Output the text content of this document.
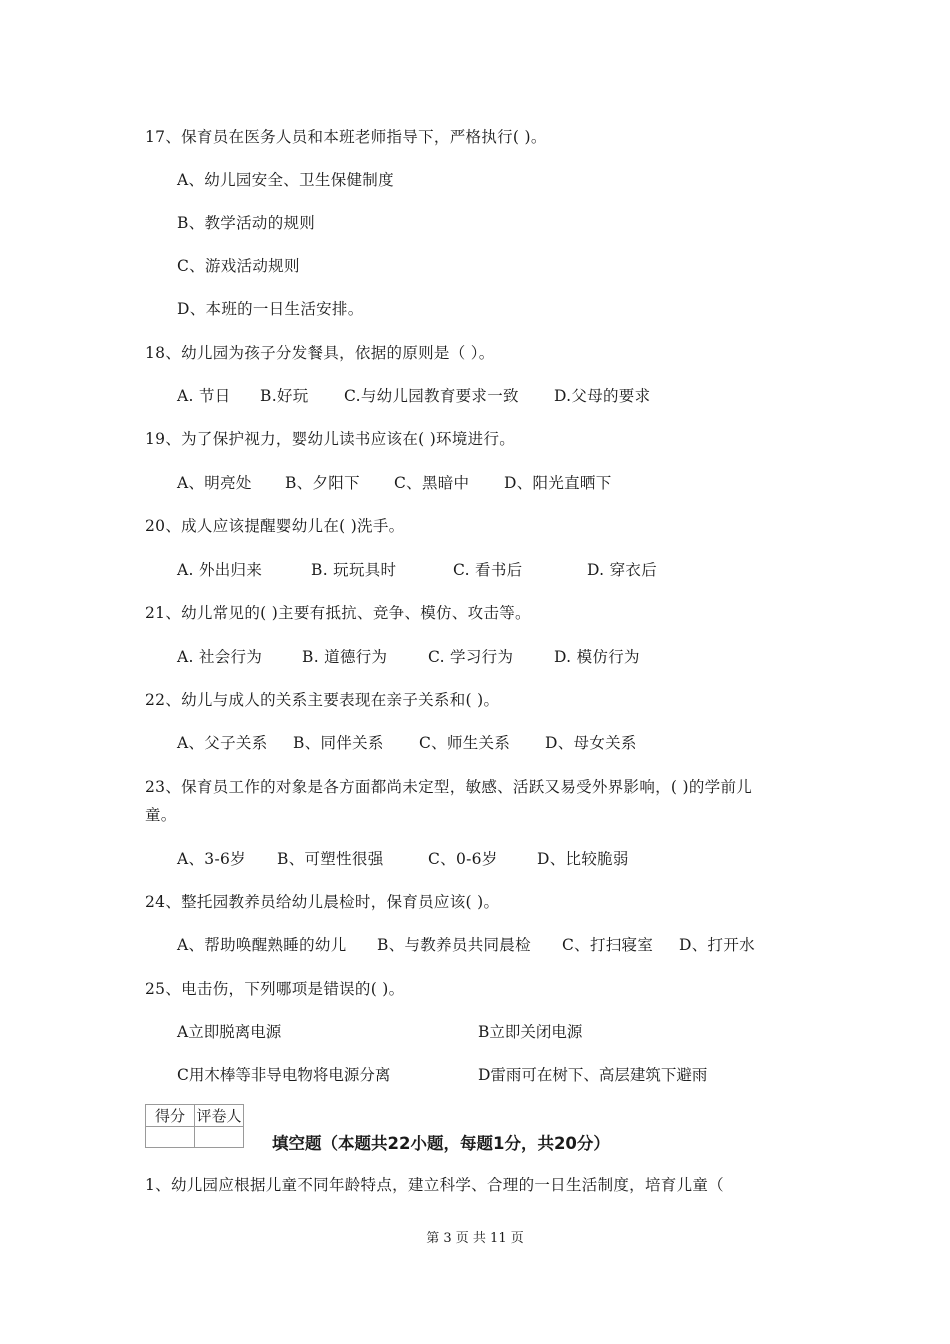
17、保育员在医务人员和本班老师指导下，严格执行( )。
A、幼儿园安全、卫生保健制度
B、教学活动的规则
C、游戏活动规则
D、本班的一日生活安排。
18、幼儿园为孩子分发餐具，依据的原则是（ ）。
A. 节日 B.好玩 C.与幼儿园教育要求一致 D.父母的要求
19、为了保护视力，婴幼儿读书应该在( )环境进行。
A、明亮处 B、夕阳下 C、黑暗中 D、阳光直晒下
20、成人应该提醒婴幼儿在( )洗手。
A. 外出归来	B. 玩玩具时	C. 看书后	D. 穿衣后
21、幼儿常见的( )主要有抵抗、竞争、模仿、攻击等。
A. 社会行为	B. 道德行为	C. 学习行为	D. 模仿行为
22、幼儿与成人的关系主要表现在亲子关系和( )。
A、父子关系 B、同伴关系 C、师生关系 D、母女关系
23、保育员工作的对象是各方面都尚未定型，敏感、活跃又易受外界影响，( )的学前儿
童。
A、3-6岁 B、可塑性很强	C、0-6岁	D、比较脆弱
24、整托园教养员给幼儿晨检时，保育员应该( )。
A、帮助唤醒熟睡的幼儿 B、与教养员共同晨检 C、打扫寝室 D、打开水
25、电击伤，下列哪项是错误的( )。
A立即脱离电源	B立即关闭电源
C用木棒等非导电物将电源分离	D雷雨可在树下、高层建筑下避雨
得分	评卷人

填空题（本题共22小题，每题1分，共20分）
1、幼儿园应根据儿童不同年龄特点，建立科学、合理的一日生活制度，培育儿童（
第 3 页 共 11 页
